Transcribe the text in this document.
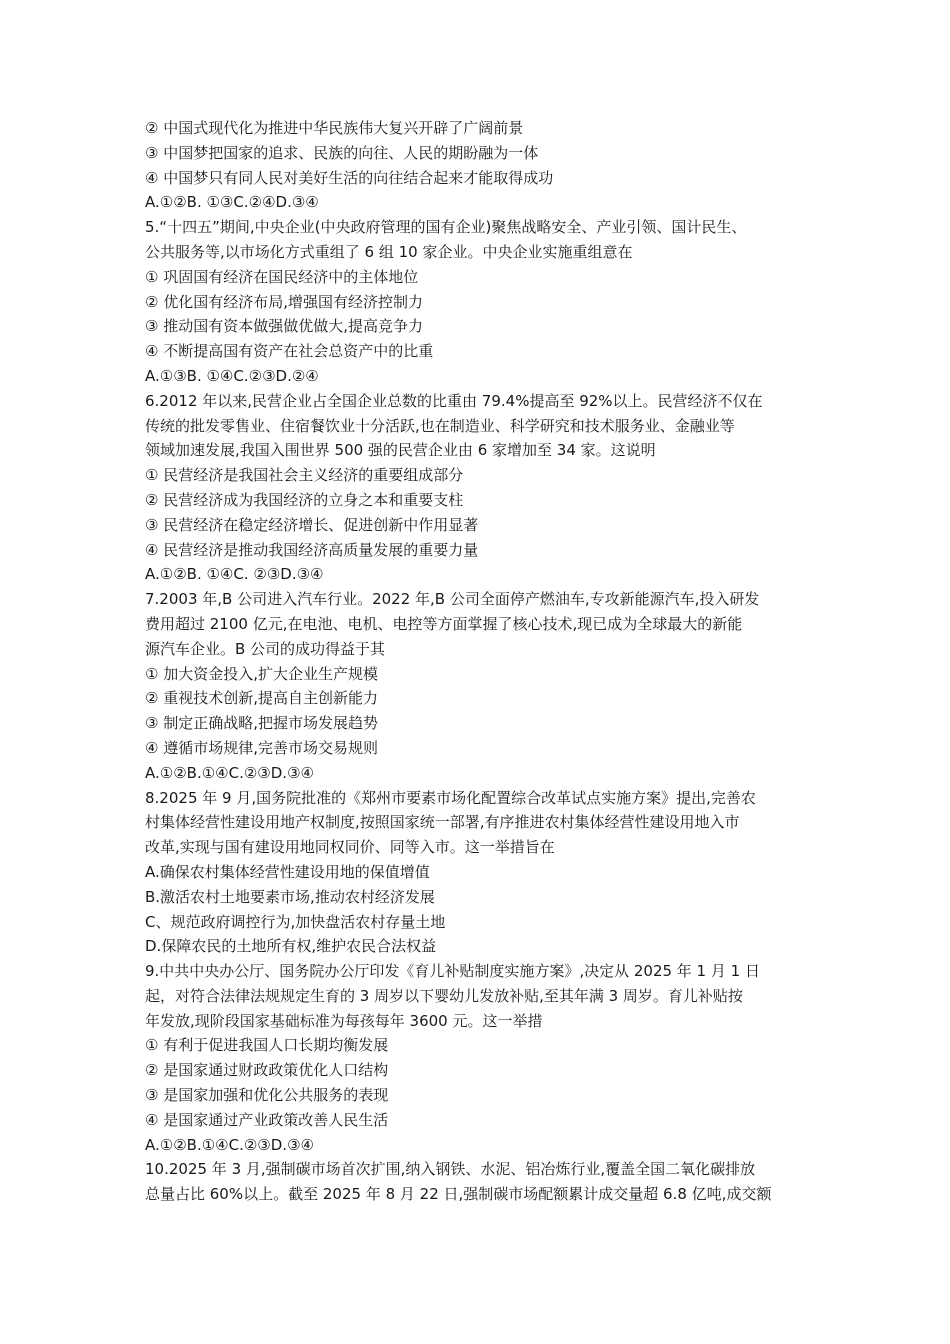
② 中国式现代化为推进中华民族伟大复兴开辟了广阔前景
③ 中国梦把国家的追求、民族的向往、人民的期盼融为一体
④ 中国梦只有同人民对美好生活的向往结合起来才能取得成功
A.①②B. ①③C.②④D.③④
5.“十四五”期间,中央企业(中央政府管理的国有企业)聚焦战略安全、产业引领、国计民生、
公共服务等,以市场化方式重组了 6 组 10 家企业。中央企业实施重组意在
① 巩固国有经济在国民经济中的主体地位
② 优化国有经济布局,增强国有经济控制力
③ 推动国有资本做强做优做大,提高竞争力
④ 不断提高国有资产在社会总资产中的比重
A.①③B. ①④C.②③D.②④
6.2012 年以来,民营企业占全国企业总数的比重由 79.4%提高至 92%以上。民营经济不仅在
传统的批发零售业、住宿餐饮业十分活跃,也在制造业、科学研究和技术服务业、金融业等
领域加速发展,我国入围世界 500 强的民营企业由 6 家增加至 34 家。这说明
① 民营经济是我国社会主义经济的重要组成部分
② 民营经济成为我国经济的立身之本和重要支柱
③ 民营经济在稳定经济增长、促进创新中作用显著
④ 民营经济是推动我国经济高质量发展的重要力量
A.①②B. ①④C. ②③D.③④
7.2003 年,B 公司进入汽车行业。2022 年,B 公司全面停产燃油车,专攻新能源汽车,投入研发
费用超过 2100 亿元,在电池、电机、电控等方面掌握了核心技术,现已成为全球最大的新能
源汽车企业。B 公司的成功得益于其
① 加大资金投入,扩大企业生产规模
② 重视技术创新,提高自主创新能力
③ 制定正确战略,把握市场发展趋势
④ 遵循市场规律,完善市场交易规则
A.①②B.①④C.②③D.③④
8.2025 年 9 月,国务院批准的《郑州市要素市场化配置综合改革试点实施方案》提出,完善农
村集体经营性建设用地产权制度,按照国家统一部署,有序推进农村集体经营性建设用地入市
改革,实现与国有建设用地同权同价、同等入市。这一举措旨在
A.确保农村集体经营性建设用地的保值增值
B.激活农村土地要素市场,推动农村经济发展
C、规范政府调控行为,加快盘活农村存量土地
D.保障农民的土地所有权,维护农民合法权益
9.中共中央办公厅、国务院办公厅印发《育儿补贴制度实施方案》,决定从 2025 年 1 月 1 日
起，对符合法律法规规定生育的 3 周岁以下婴幼儿发放补贴,至其年满 3 周岁。育儿补贴按
年发放,现阶段国家基础标准为每孩每年 3600 元。这一举措
① 有利于促进我国人口长期均衡发展
② 是国家通过财政政策优化人口结构
③ 是国家加强和优化公共服务的表现
④ 是国家通过产业政策改善人民生活
A.①②B.①④C.②③D.③④
10.2025 年 3 月,强制碳市场首次扩围,纳入钢铁、水泥、铝冶炼行业,覆盖全国二氧化碳排放
总量占比 60%以上。截至 2025 年 8 月 22 日,强制碳市场配额累计成交量超 6.8 亿吨,成交额
